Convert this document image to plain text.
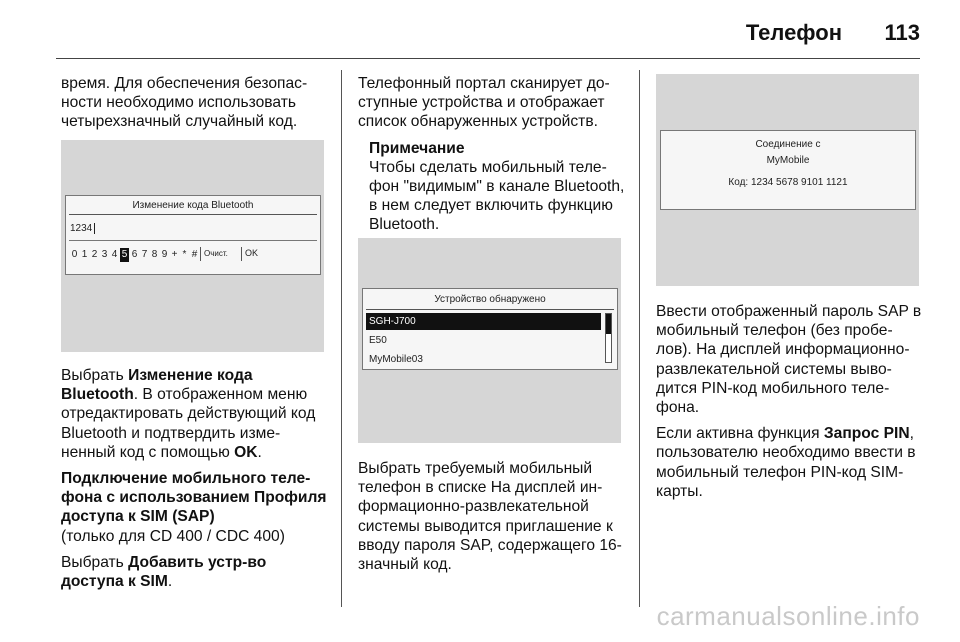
Телефон 113

время. Для обеспечения безопасности необходимо использовать четырехзначный случайный код.

Изменение кода Bluetooth
1234
0 1 2 3 4 5 6 7 8 9 + * # Очист. OK

Выбрать Изменение кода Bluetooth. В отображенном меню отредактировать действующий код Bluetooth и подтвердить измененный код с помощью OK.

Подключение мобильного телефона с использованием Профиля доступа к SIM (SAP)

(только для CD 400 / CDC 400)

Выбрать Добавить устр-во доступа к SIM.

Телефонный портал сканирует доступные устройства и отображает список обнаруженных устройств.

Примечание

Чтобы сделать мобильный телефон "видимым" в канале Bluetooth, в нем следует включить функцию Bluetooth.

Устройство обнаружено
SGH-J700
E50
MyMobile03

Выбрать требуемый мобильный телефон в списке На дисплей информационно-развлекательной системы выводится приглашение к вводу пароля SAP, содержащего 16-значный код.

Соединение с
MyMobile
Код: 1234 5678 9101 1121

Ввести отображенный пароль SAP в мобильный телефон (без пробелов). На дисплей информационно-развлекательной системы выводится PIN-код мобильного телефона.

Если активна функция Запрос PIN, пользователю необходимо ввести в мобильный телефон PIN-код SIM-карты.

carmanualsonline.info
